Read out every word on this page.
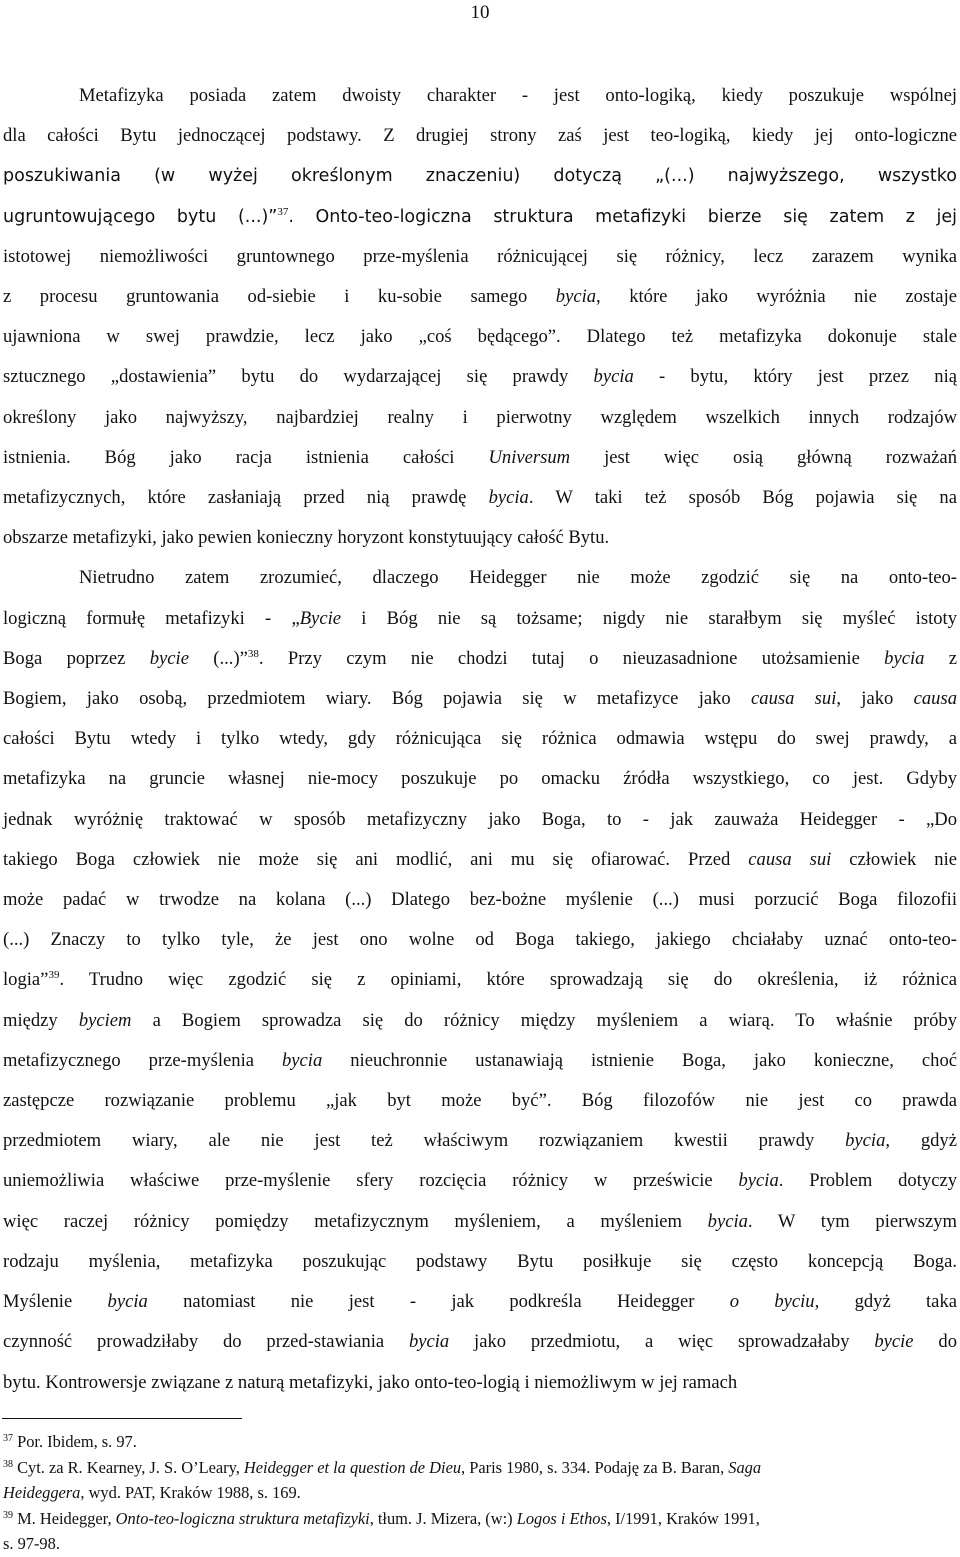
10

Metafizyka posiada zatem dwoisty charakter - jest onto-logiką, kiedy poszukuje wspólnej

dla całości Bytu jednoczącej podstawy. Z drugiej strony zaś jest teo-logiką, kiedy jej onto-logiczne

poszukiwania (w wyżej określonym znaczeniu) dotyczą „(...) najwyższego, wszystko

ugruntowującego bytu (...)”$^{37}$. Onto-teo-logiczna struktura metafizyki bierze się zatem z jej

istotowej niemożliwości gruntownego prze-myślenia różnicującej się różnicy, lecz zarazem wynika

z procesu gruntowania od-siebie i ku-sobie samego bycia, które jako wyróżnia nie zostaje

ujawniona w swej prawdzie, lecz jako „coś będącego”. Dlatego też metafizyka dokonuje stale

sztucznego „dostawienia” bytu do wydarzającej się prawdy bycia - bytu, który jest przez nią

określony jako najwyższy, najbardziej realny i pierwotny względem wszelkich innych rodzajów

istnienia. Bóg jako racja istnienia całości Universum jest więc osią główną rozważań

metafizycznych, które zasłaniają przed nią prawdę bycia. W taki też sposób Bóg pojawia się na

obszarze metafizyki, jako pewien konieczny horyzont konstytuujący całość Bytu.

Nietrudno zatem zrozumieć, dlaczego Heidegger nie może zgodzić się na onto-teo-

logiczną formułę metafizyki - „Bycie i Bóg nie są tożsame; nigdy nie starałbym się myśleć istoty

Boga poprzez bycie (...)”$^{38}$. Przy czym nie chodzi tutaj o nieuzasadnione utożsamienie bycia z

Bogiem, jako osobą, przedmiotem wiary. Bóg pojawia się w metafizyce jako causa sui, jako causa

całości Bytu wtedy i tylko wtedy, gdy różnicująca się różnica odmawia wstępu do swej prawdy, a

metafizyka na gruncie własnej nie-mocy poszukuje po omacku źródła wszystkiego, co jest. Gdyby

jednak wyróżnię traktować w sposób metafizyczny jako Boga, to - jak zauważa Heidegger - „Do

takiego Boga człowiek nie może się ani modlić, ani mu się ofiarować. Przed causa sui człowiek nie

może padać w trwodze na kolana (...) Dlatego bez-bożne myślenie (...) musi porzucić Boga filozofii

(...) Znaczy to tylko tyle, że jest ono wolne od Boga takiego, jakiego chciałaby uznać onto-teo-

logia”$^{39}$. Trudno więc zgodzić się z opiniami, które sprowadzają się do określenia, iż różnica

między byciem a Bogiem sprowadza się do różnicy między myśleniem a wiarą. To właśnie próby

metafizycznego prze-myślenia bycia nieuchronnie ustanawiają istnienie Boga, jako konieczne, choć

zastępcze rozwiązanie problemu „jak byt może być”. Bóg filozofów nie jest co prawda

przedmiotem wiary, ale nie jest też właściwym rozwiązaniem kwestii prawdy bycia, gdyż

uniemożliwia właściwe prze-myślenie sfery rozcięcia różnicy w prześwicie bycia. Problem dotyczy

więc raczej różnicy pomiędzy metafizycznym myśleniem, a myśleniem bycia. W tym pierwszym

rodzaju myślenia, metafizyka poszukując podstawy Bytu posiłkuje się często koncepcją Boga.

Myślenie bycia natomiast nie jest - jak podkreśla Heidegger o byciu, gdyż taka

czynność prowadziłaby do przed-stawiania bycia jako przedmiotu, a więc sprowadzałaby bycie do

bytu. Kontrowersje związane z naturą metafizyki, jako onto-teo-logią i niemożliwym w jej ramach

$^{37}$ Por. Ibidem, s. 97.

$^{38}$ Cyt. za R. Kearney, J. S. O’Leary, Heidegger et la question de Dieu, Paris 1980, s. 334. Podaję za B. Baran, Saga

Heideggera, wyd. PAT, Kraków 1988, s. 169.

$^{39}$ M. Heidegger, Onto-teo-logiczna struktura metafizyki, tłum. J. Mizera, (w:) Logos i Ethos, I/1991, Kraków 1991,

s. 97-98.
